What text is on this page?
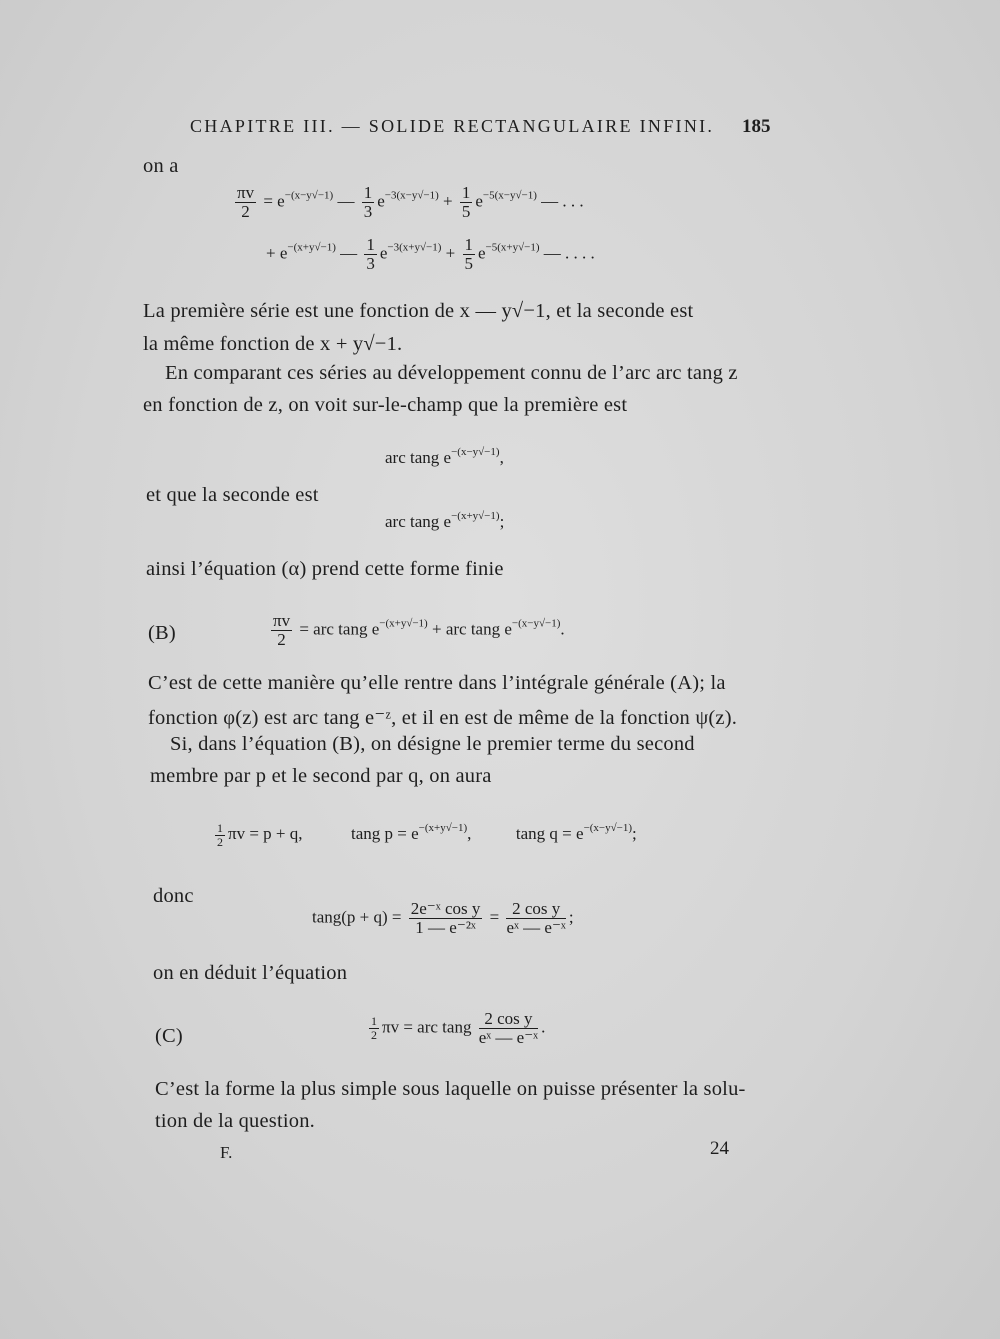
CHAPITRE III. — SOLIDE RECTANGULAIRE INFINI. 185
on a
$\frac{\pi v}{2} = e^{-(x-y√-1)}$ — $\frac{1}{3} e^{-3(x-y√-1)} + \frac{1}{5} e^{-5(x-y√-1)}$ — . . .
+ $e^{-(x+y√-1)}$ — $\frac{1}{3} e^{-3(x+y√-1)} + \frac{1}{5} e^{-5(x+y√-1)}$ — . . . .
La première série est une fonction de x — y√−1, et la seconde est
la même fonction de x + y√−1.
En comparant ces séries au développement connu de l’arc arc tang z
en fonction de z, on voit sur-le-champ que la première est
arc tang $e^{-(x-y√-1)}$,
et que la seconde est
arc tang $e^{-(x+y√-1)}$;
ainsi l’équation (α) prend cette forme finie
(B)	$\frac{\pi v}{2}$ = arc tang $e^{-(x+y√-1)}$ + arc tang $e^{-(x-y√-1)}$.
C’est de cette manière qu’elle rentre dans l’intégrale générale (A); la
fonction φ(z) est arc tang e⁻ᶻ, et il en est de même de la fonction ψ(z).
Si, dans l’équation (B), on désigne le premier terme du second
membre par p et le second par q, on aura
$\frac{1}{2}$ πv = p + q,	tang $p = e^{-(x+y√-1)}$,	tang $q = e^{-(x-y√-1)}$;
donc
$\tan g(p + q) = \frac{\text{2e⁻ˣ cos y}}{\text{1 — e⁻²ˣ}} = \frac{\text{2 cos y}}{\text{eˣ — e⁻ˣ}}$ ;
on en déduit l’équation
(C)	$\frac{1}{2}$ πv = arc tang $\frac{\text{2 cos y}}{\text{eˣ — e⁻ˣ}}$ .
C’est la forme la plus simple sous laquelle on puisse présenter la solu-
tion de la question.
F.	24
